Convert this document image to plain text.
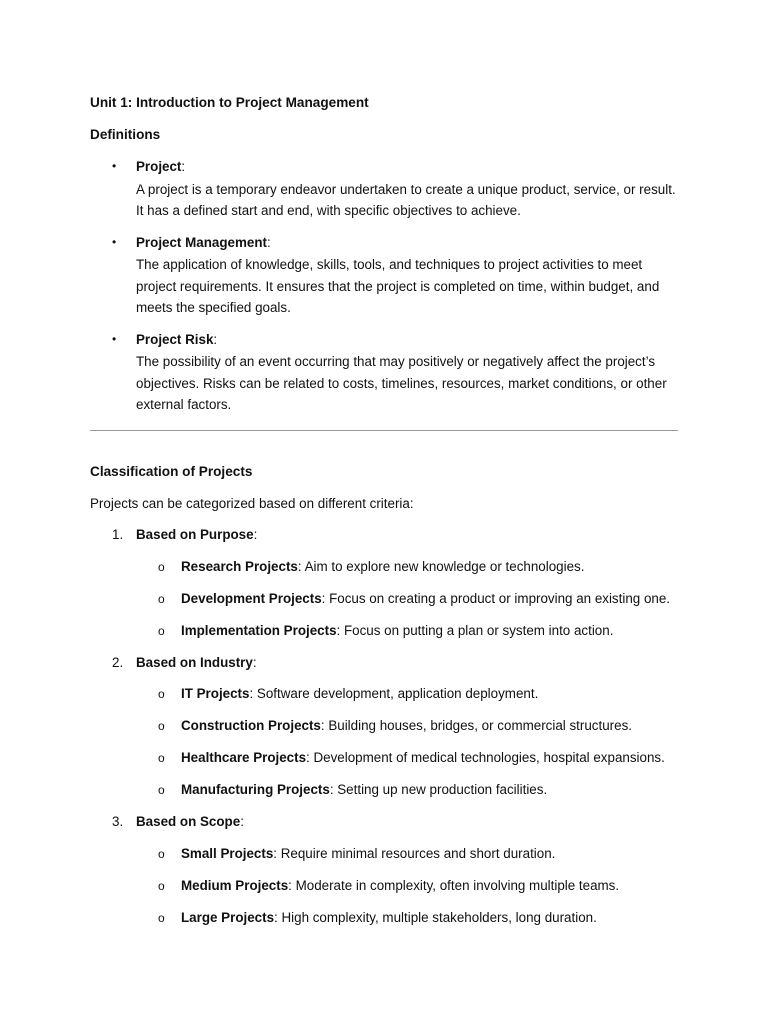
Unit 1: Introduction to Project Management

Definitions

• Project:
A project is a temporary endeavor undertaken to create a unique product, service, or result. It has a defined start and end, with specific objectives to achieve.
• Project Management:
The application of knowledge, skills, tools, and techniques to project activities to meet project requirements. It ensures that the project is completed on time, within budget, and meets the specified goals.
• Project Risk:
The possibility of an event occurring that may positively or negatively affect the project’s objectives. Risks can be related to costs, timelines, resources, market conditions, or other external factors.

Classification of Projects

Projects can be categorized based on different criteria:

1. Based on Purpose:
o Research Projects: Aim to explore new knowledge or technologies.
o Development Projects: Focus on creating a product or improving an existing one.
o Implementation Projects: Focus on putting a plan or system into action.
2. Based on Industry:
o IT Projects: Software development, application deployment.
o Construction Projects: Building houses, bridges, or commercial structures.
o Healthcare Projects: Development of medical technologies, hospital expansions.
o Manufacturing Projects: Setting up new production facilities.
3. Based on Scope:
o Small Projects: Require minimal resources and short duration.
o Medium Projects: Moderate in complexity, often involving multiple teams.
o Large Projects: High complexity, multiple stakeholders, long duration.
